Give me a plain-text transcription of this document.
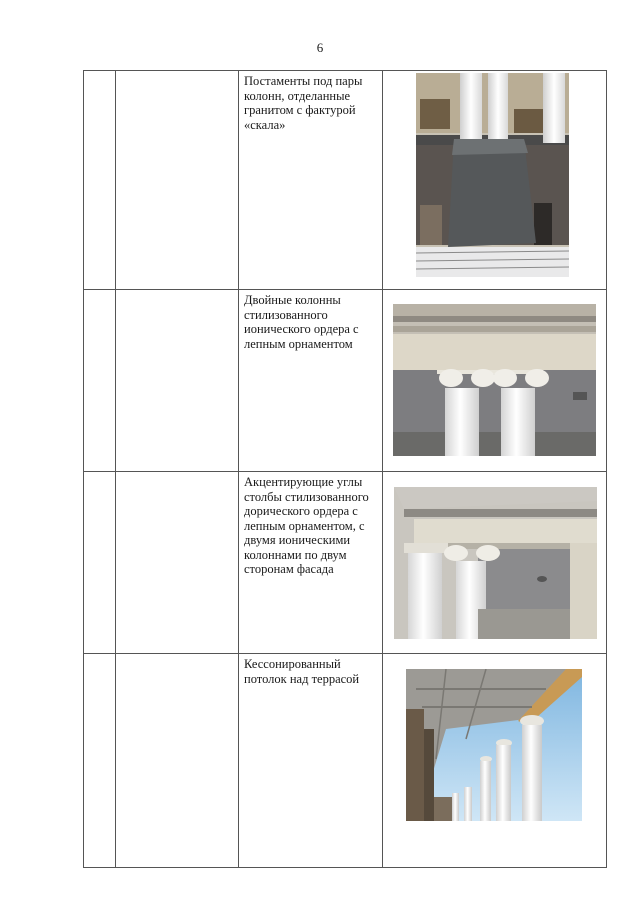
6

		Постаменты под пары колонн, отделанные гранитом с фактурой «скала»

		Двойные колонны стилизованного ионического ордера с лепным орнаментом

		Акцентирующие углы столбы стилизованного дорического ордера с лепным орнаментом, с двумя ионическими колоннами по двум сторонам фасада

		Кессонированный потолок над террасой
